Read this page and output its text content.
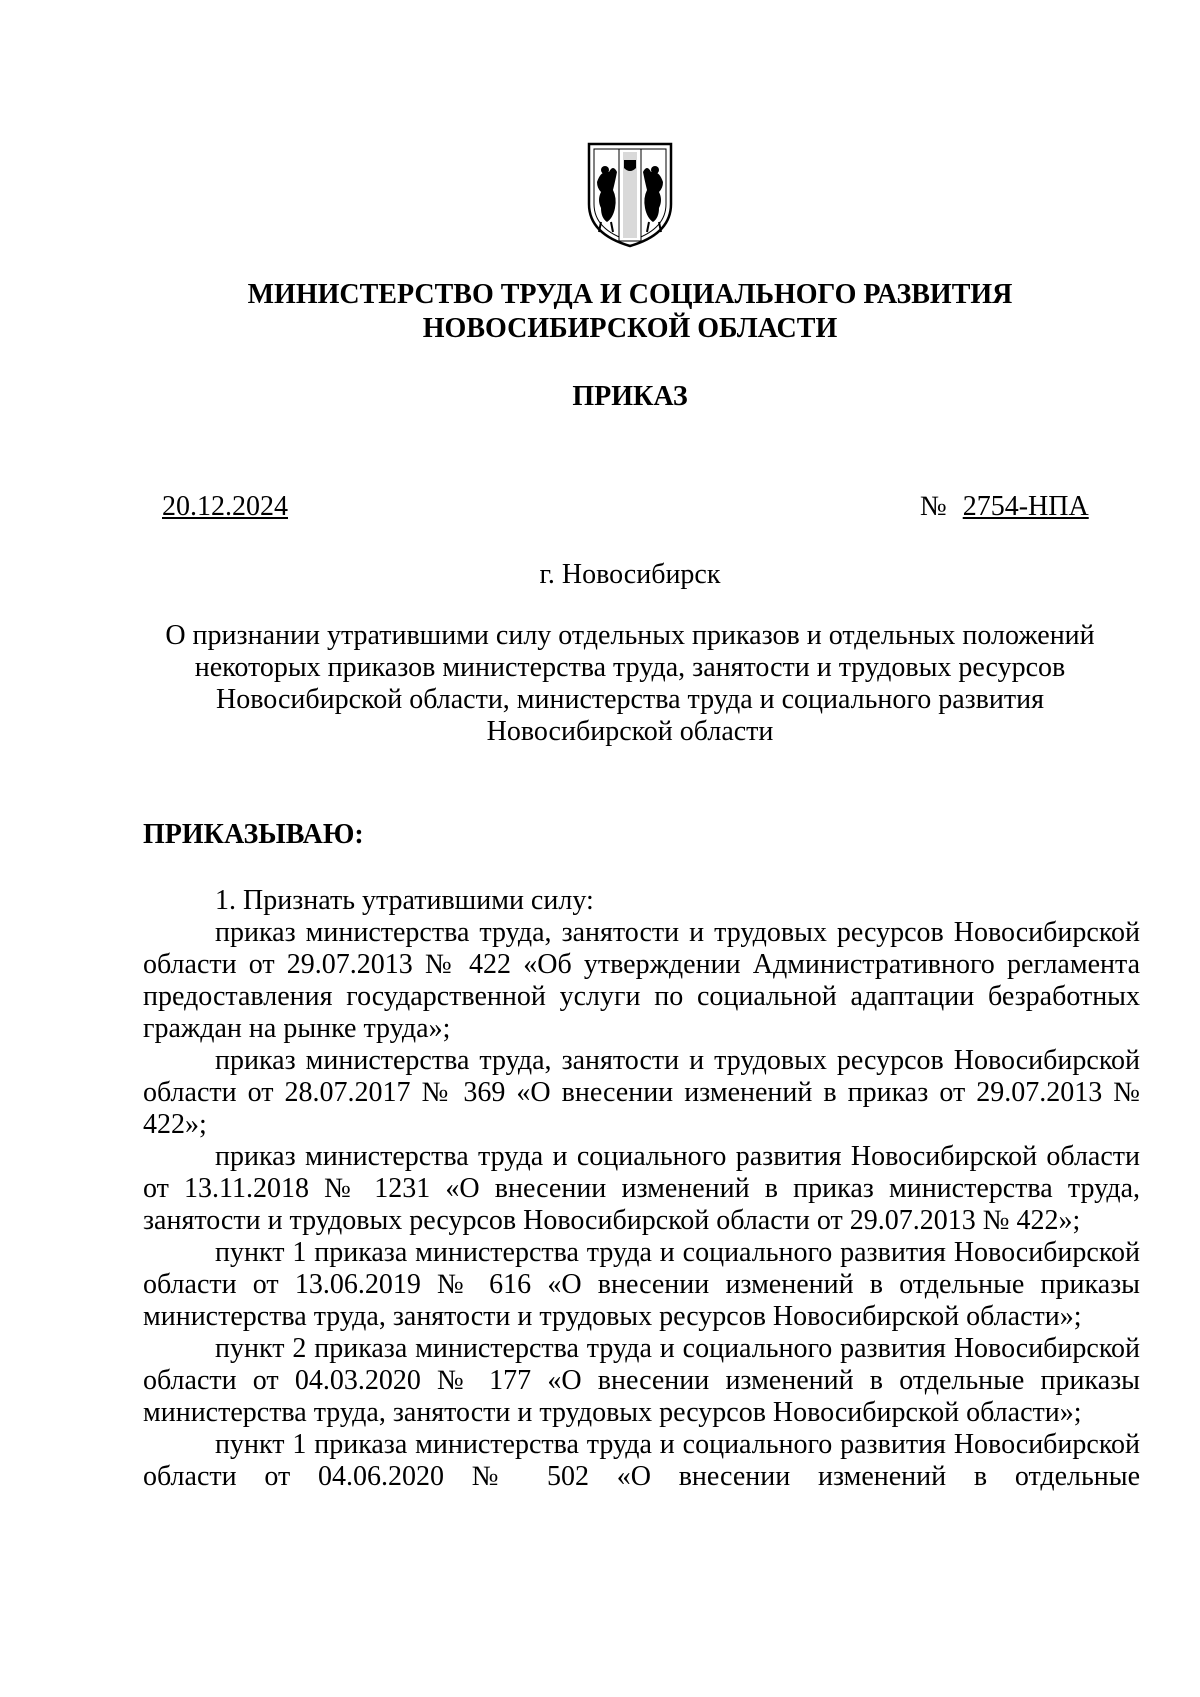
МИНИСТЕРСТВО ТРУДА И СОЦИАЛЬНОГО РАЗВИТИЯ
НОВОСИБИРСКОЙ ОБЛАСТИ
ПРИКАЗ
20.12.2024	№ 2754-НПА
г. Новосибирск
О признании утратившими силу отдельных приказов и отдельных положений
некоторых приказов министерства труда, занятости и трудовых ресурсов
Новосибирской области, министерства труда и социального развития
Новосибирской области
ПРИКАЗЫВАЮ:

1. Признать утратившими силу:

приказ министерства труда, занятости и трудовых ресурсов Новосибирской области от 29.07.2013 № 422 «Об утверждении Административного регламента предоставления государственной услуги по социальной адаптации безработных граждан на рынке труда»;

приказ министерства труда, занятости и трудовых ресурсов Новосибирской области от 28.07.2017 № 369 «О внесении изменений в приказ от 29.07.2013 № 422»;

приказ министерства труда и социального развития Новосибирской области от 13.11.2018 № 1231 «О внесении изменений в приказ министерства труда, занятости и трудовых ресурсов Новосибирской области от 29.07.2013 № 422»;

пункт 1 приказа министерства труда и социального развития Новосибирской области от 13.06.2019 № 616 «О внесении изменений в отдельные приказы министерства труда, занятости и трудовых ресурсов Новосибирской области»;

пункт 2 приказа министерства труда и социального развития Новосибирской области от 04.03.2020 № 177 «О внесении изменений в отдельные приказы министерства труда, занятости и трудовых ресурсов Новосибирской области»;

пункт 1 приказа министерства труда и социального развития Новосибирской области от 04.06.2020 № 502 «О внесении изменений в отдельные
